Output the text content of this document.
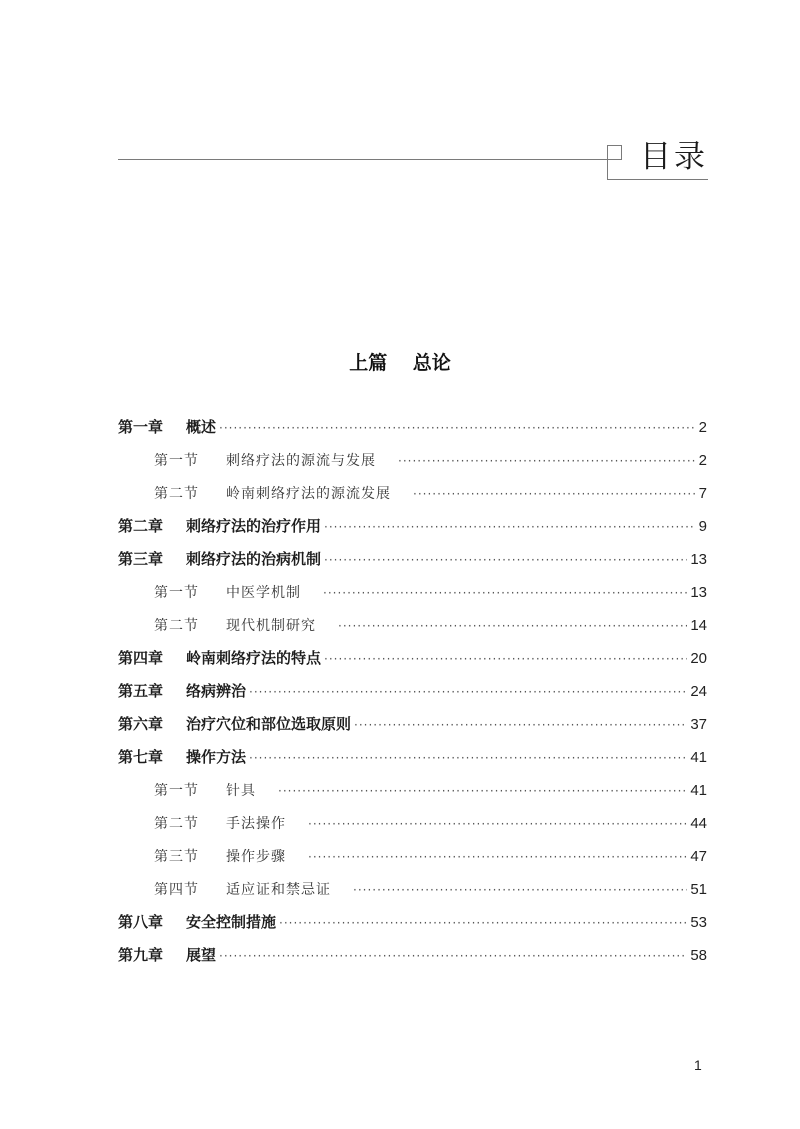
目录
上篇　 总论
第一章	概述 ·····	2
第一节	刺络疗法的源流与发展 ·····	2
第二节	岭南刺络疗法的源流发展 ·····	7
第二章	刺络疗法的治疗作用 ·····	9
第三章	刺络疗法的治病机制 ·····	13
第一节	中医学机制 ·····	13
第二节	现代机制研究 ·····	14
第四章	岭南刺络疗法的特点 ·····	20
第五章	络病辨治 ·····	24
第六章	治疗穴位和部位选取原则 ·····	37
第七章	操作方法 ·····	41
第一节	针具 ·····	41
第二节	手法操作 ·····	44
第三节	操作步骤 ·····	47
第四节	适应证和禁忌证 ·····	51
第八章	安全控制措施 ·····	53
第九章	展望 ·····	58
1
